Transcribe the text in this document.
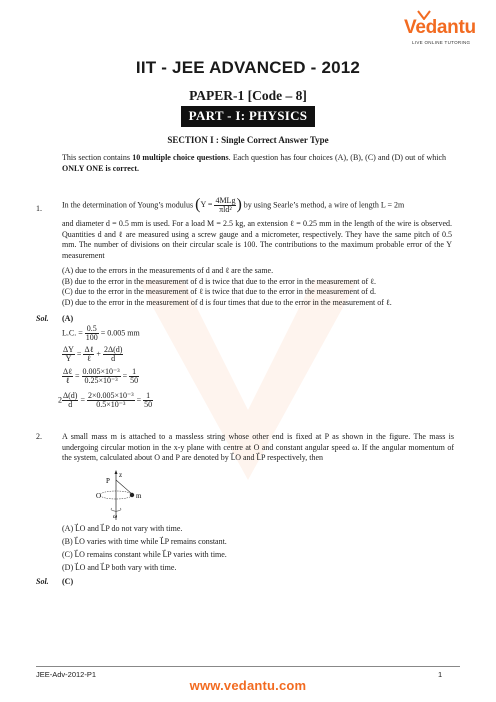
Vedantu
LIVE ONLINE TUTORING
IIT - JEE ADVANCED - 2012
PAPER-1 [Code – 8]
PART - I: PHYSICS
SECTION I : Single Correct Answer Type
This section contains 10 multiple choice questions. Each question has four choices (A), (B), (C) and (D) out of which ONLY ONE is correct.
1.	In the determination of Young’s modulus ($Y = \frac{\text{4MLg}}{\text{πld²}}$ ) by using Searle’s method, a wire of length L = 2m
and diameter d = 0.5 mm is used. For a load M = 2.5 kg, an extension ℓ = 0.25 mm in the length of the wire is observed. Quantities d and ℓ are measured using a screw gauge and a micrometer, respectively. They have the same pitch of 0.5 mm. The number of divisions on their circular scale is 100. The contributions to the maximum probable error of the Y measurement
(A) due to the errors in the measurements of d and ℓ are the same.
(B) due to the error in the measurement of d is twice that due to the error in the measurement of ℓ.
(C) due to the error in the measurement of ℓ is twice that due to the error in the measurement of d.
(D) due to the error in the measurement of d is four times that due to the error in the measurement of ℓ.
Sol. (A)
L.C. = $\frac{0.5}{100} = 0.005$ mm
$\frac{\Delta Y}{Y} = \frac{\text{Δℓ}}{\text{ℓ}} + \frac{2\Delta(d)}{d}$
$\frac{\text{Δℓ}}{\text{ℓ}} = \frac{\text{0.005×10⁻³}}{\text{0.25×10⁻³}} = \frac{1}{50}$
$2 \frac{\Delta(d)}{d} = \frac{\text{2×0.005×10⁻³}}{\text{0.5×10⁻³}} = \frac{1}{50}$
2.	A small mass m is attached to a massless string whose other end is fixed at P as shown in the figure. The mass is undergoing circular motion in the x-y plane with centre at O and constant angular speed ω. If the angular momentum of the system, calculated about O and P are denoted by L⃗O and L⃗P respectively, then
z
P
O	m
ω
(A) L⃗O and L⃗P do not vary with time.
(B) L⃗O varies with time while L⃗P remains constant.
(C) L⃗O remains constant while L⃗P varies with time.
(D) L⃗O and L⃗P both vary with time.
Sol. (C)
JEE-Adv-2012-P1	1
www.vedantu.com
